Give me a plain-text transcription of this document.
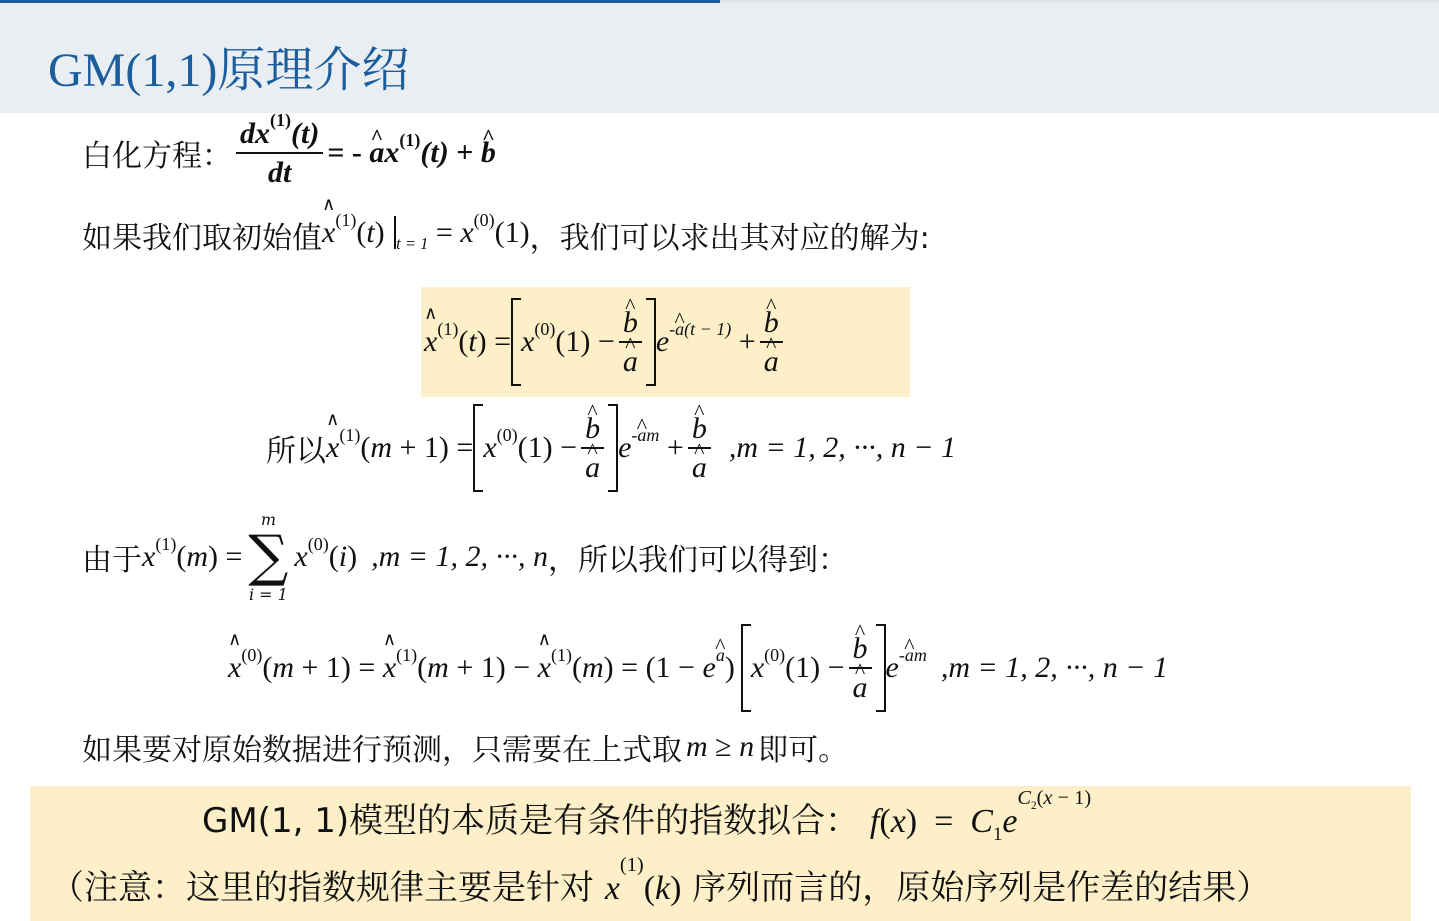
GM(1,1)原理介绍
白化方程： $\frac{dx^{(1)}(t)}{dt}$ = - ^ $ax^{(1)}(t)$ + ^ b
如果我们取初始值 ∧ $x^{(1)}(t) _{t = 1} = x^{(0)}(1)$ ，我们可以求出其对应的解为:
∧ $x^{(1)}(t) = x^{(0)}(1)$ − ^ b
^ a $e^{-\^{} a(t - 1)}$ + ^ b
^ a
所以 ∧ $x^{(1)}(m + 1) = x^{(0)}(1)$ − ^ b
^ a $e^{-\^{} am}$ + ^ b
^ a ,m = 1, 2, ···, n − 1
由于 $x^{(1)}(m)$ =
m
∑
i = 1
$x^{(0)}(i) ,m = 1$, 2, ···, n ，所以我们可以得到：
∧ $x^{(0)}(m + 1)$ = ∧ $x^{(1)}(m + 1)$ − ∧ $x^{(1)}(m) = (1$ − e^ $^a$) $x^{(0)}(1)$ − ^ b
^ a $e^{-\^{} am}$ ,m = 1, 2, ···, n − 1
如果要对原始数据进行预测，只需要在上式取 m ≥ n 即可。
GM(1, 1)模型的本质是有条件的指数拟合： $f(x) = C_1e^{C_2(x - 1)}$
（注意：这里的指数规律主要是针对 $x^{(1)}(k)$ 序列而言的，原始序列是作差的结果）
